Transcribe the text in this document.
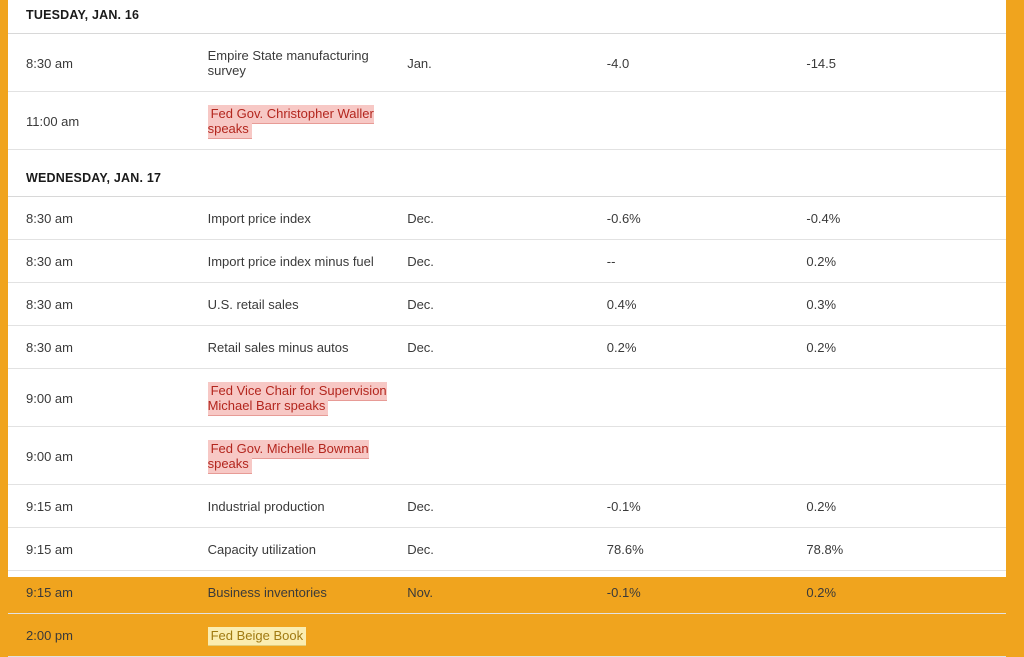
TUESDAY, JAN. 16				
8:30 am	Empire State manufacturing survey	Jan.	-4.0	-14.5
11:00 am	Fed Gov. Christopher Waller speaks			
WEDNESDAY, JAN. 17				
8:30 am	Import price index	Dec.	-0.6%	-0.4%
8:30 am	Import price index minus fuel	Dec.	--	0.2%
8:30 am	U.S. retail sales	Dec.	0.4%	0.3%
8:30 am	Retail sales minus autos	Dec.	0.2%	0.2%
9:00 am	Fed Vice Chair for Supervision Michael Barr speaks			
9:00 am	Fed Gov. Michelle Bowman speaks			
9:15 am	Industrial production	Dec.	-0.1%	0.2%
9:15 am	Capacity utilization	Dec.	78.6%	78.8%
9:15 am	Business inventories	Nov.	-0.1%	0.2%
2:00 pm	Fed Beige Book			
